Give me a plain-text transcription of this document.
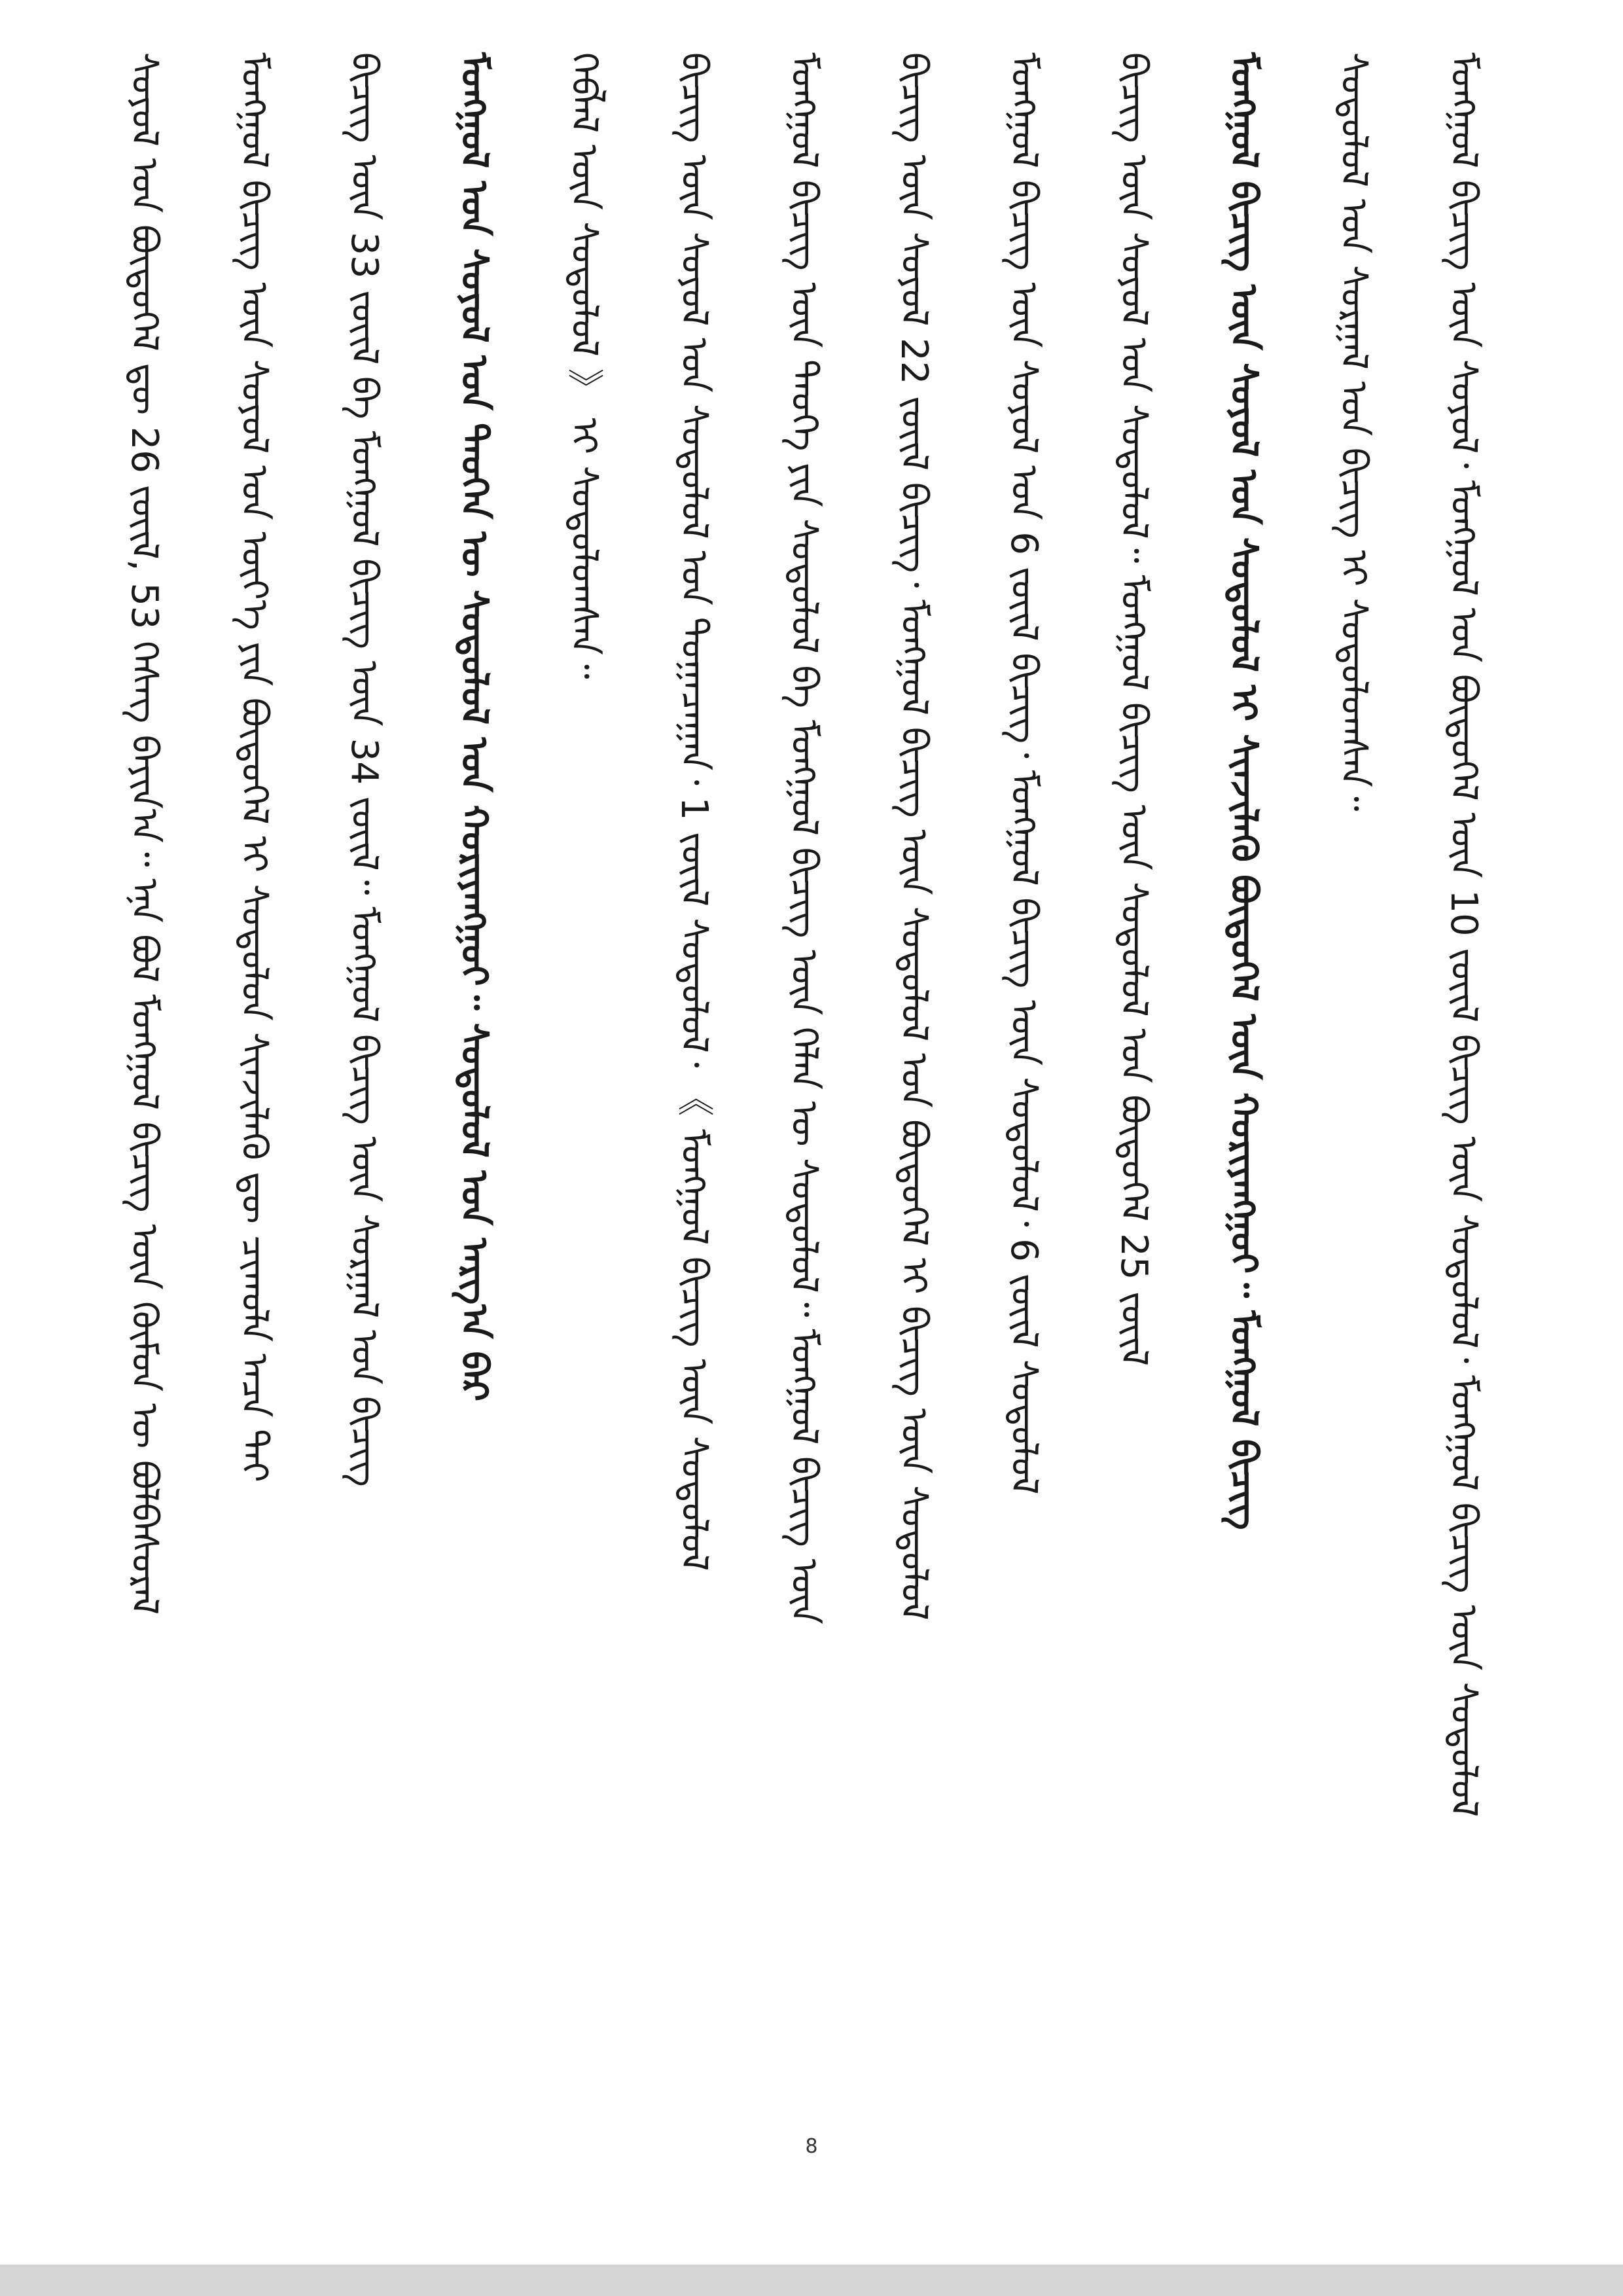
ᠰᠣᠶᠣᠯ ᠤᠨ ᠪᠦᠲᠦᠭᠡᠯ ᠳᠦ 26 ᠵᠦᠢᠯ, 53 ᠬᠡᠰᠡᠭ ᠪᠠᠶᠢᠨ᠎ᠠ᠃ ᠡᠨᠡ ᠪᠣᠯ ᠮᠣᠩᠭᠣᠯ ᠪᠢᠴᠢᠭ ᠦᠨ ᠬᠦᠮᠦᠨ ᠦ ᠪᠣᠯᠪᠠᠰᠤᠷᠠᠯ	ᠮᠣᠩᠭᠣᠯ ᠪᠢᠴᠢᠭ ᠦᠨ ᠰᠣᠶᠣᠯ ᠤᠨ ᠦᠶ᠎ᠡ ᠶᠢᠨ ᠪᠦᠲᠦᠭᠡᠯ ᠢ ᠰᠤᠳᠤᠯᠤᠨ ᠰᠢᠨᠵᠢᠯᠡᠬᠦ ᠳᠦ ᠴᠢᠬᠤᠯᠠ ᠠᠴᠠ ᠲᠠᠢ	ᠪᠢᠴᠢᠭ ᠦᠨ 33 ᠵᠦᠢᠯ ᠪᠠ ᠮᠣᠩᠭᠣᠯ ᠪᠢᠴᠢᠭ ᠦᠨ 34 ᠵᠦᠢᠯ᠃ ᠮᠣᠩᠭᠣᠯ ᠪᠢᠴᠢᠭ ᠦᠨ ᠰᠤᠷᠭᠠᠯ ᠤᠨ ᠪᠢᠴᠢᠭ	ᠮᠣᠩᠭᠣᠯ ᠤᠨ ᠰᠣᠶᠣᠯ ᠤᠨ ᠲᠡᠦᠬᠡᠨ ᠦ ᠰᠤᠳᠤᠯᠤᠯ ᠤᠨ ᠬᠤᠷᠢᠶᠠᠩᠭᠤᠢ᠃ ᠰᠤᠳᠤᠯᠤᠯ ᠤᠨ ᠠᠷᠭ᠎ᠠ ᠪᠠᠷ	ᠬᠡᠪᠯᠡᠯ ᠦᠨ ᠰᠤᠳᠤᠯᠤᠯ 》 ᠢ ᠰᠤᠳᠤᠯᠤᠭᠰᠠᠨ᠃	ᠪᠢᠴᠢᠭ ᠦᠨ ᠰᠣᠶᠣᠯ ᠤᠨ ᠰᠤᠳᠤᠯᠤᠯ ᠤᠨ ᠲᠣᠭᠠᠴᠠᠭᠠᠨ᠂ 1 ᠵᠦᠢᠯ ᠰᠤᠳᠤᠯᠤᠯ᠂ 《 ᠮᠣᠩᠭᠣᠯ ᠪᠢᠴᠢᠭ ᠦᠨ ᠰᠤᠳᠤᠯᠤᠯ	ᠮᠣᠩᠭᠣᠯ ᠪᠢᠴᠢᠭ ᠦᠨ ᠲᠡᠦᠬᠡ ᠶᠢᠨ ᠰᠤᠳᠤᠯᠤᠯ ᠪᠠ ᠮᠣᠩᠭᠣᠯ ᠪᠢᠴᠢᠭ ᠦᠨ ᠬᠡᠯᠡᠨ ᠦ ᠰᠤᠳᠤᠯᠤᠯ᠃ ᠮᠣᠩᠭᠣᠯ ᠪᠢᠴᠢᠭ ᠦᠨ	ᠪᠢᠴᠢᠭ ᠦᠨ ᠰᠣᠶᠣᠯ 22 ᠵᠦᠢᠯ ᠪᠢᠴᠢᠭ᠂ ᠮᠣᠩᠭᠣᠯ ᠪᠢᠴᠢᠭ ᠦᠨ ᠰᠤᠳᠤᠯᠤᠯ ᠤᠨ ᠪᠦᠲᠦᠭᠡᠯ ᠢ ᠪᠢᠴᠢᠭ ᠦᠨ ᠰᠤᠳᠤᠯᠤᠯ	ᠮᠣᠩᠭᠣᠯ ᠪᠢᠴᠢᠭ ᠦᠨ ᠰᠣᠶᠣᠯ ᠤᠨ 6 ᠵᠦᠢᠯ ᠪᠢᠴᠢᠭ᠂ ᠮᠣᠩᠭᠣᠯ ᠪᠢᠴᠢᠭ ᠦᠨ ᠰᠤᠳᠤᠯᠤᠯ᠂ 6 ᠵᠦᠢᠯ ᠰᠤᠳᠤᠯᠤᠯ	ᠪᠢᠴᠢᠭ ᠦᠨ ᠰᠣᠶᠣᠯ ᠤᠨ ᠰᠤᠳᠤᠯᠤᠯ᠃ ᠮᠣᠩᠭᠣᠯ ᠪᠢᠴᠢᠭ ᠦᠨ ᠰᠤᠳᠤᠯᠤᠯ ᠤᠨ ᠪᠦᠲᠦᠭᠡᠯ 25 ᠵᠦᠢᠯ	ᠮᠣᠩᠭᠣᠯ ᠪᠢᠴᠢᠭ ᠦᠨ ᠰᠣᠶᠣᠯ ᠤᠨ ᠰᠤᠳᠤᠯᠤᠯ ᠢ ᠰᠢᠨᠵᠢᠯᠡᠬᠦ ᠪᠦᠲᠦᠭᠡᠯ ᠦᠨ ᠬᠤᠷᠢᠶᠠᠩᠭᠤᠢ᠃ ᠮᠣᠩᠭᠣᠯ ᠪᠢᠴᠢᠭ	ᠰᠤᠳᠤᠯᠤᠯ ᠤᠨ ᠰᠤᠷᠭᠠᠯ ᠤᠨ ᠪᠢᠴᠢᠭ ᠢ ᠰᠤᠳᠤᠯᠤᠭᠰᠠᠨ᠃	ᠮᠣᠩᠭᠣᠯ ᠪᠢᠴᠢᠭ ᠦᠨ ᠰᠣᠶᠣᠯ᠂ ᠮᠣᠩᠭᠣᠯ ᠤᠨ ᠪᠦᠲᠦᠭᠡᠯ ᠦᠨ 10 ᠵᠦᠢᠯ ᠪᠢᠴᠢᠭ ᠦᠨ ᠰᠤᠳᠤᠯᠤᠯ᠂ ᠮᠣᠩᠭᠣᠯ ᠪᠢᠴᠢᠭ ᠦᠨ ᠰᠤᠳᠤᠯᠤᠯ
8
